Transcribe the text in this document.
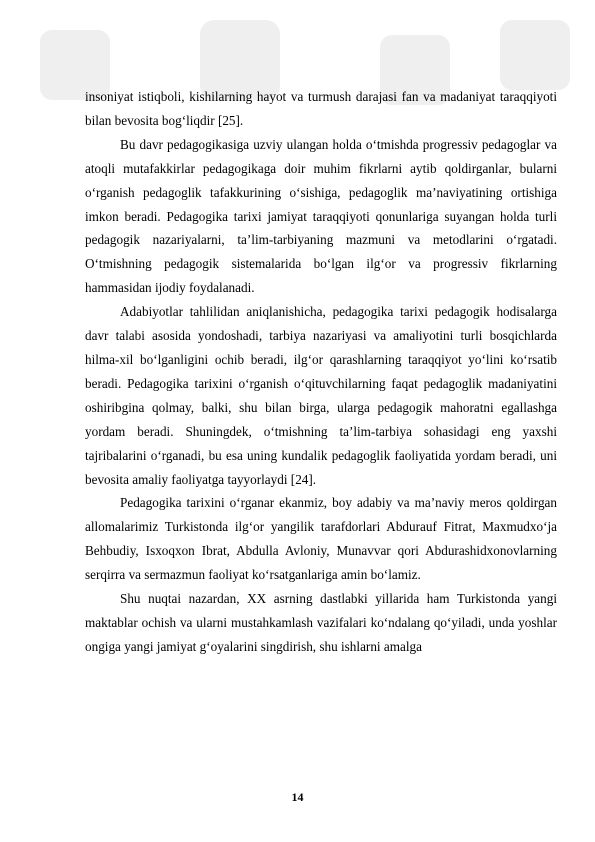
insoniyat istiqboli, kishilarning hayot va turmush darajasi fan va madaniyat taraqqiyoti bilan bevosita bog‘liqdir [25].

Bu davr pedagogikasiga uzviy ulangan holda o‘tmishda progressiv pedagoglar va atoqli mutafakkirlar pedagogikaga doir muhim fikrlarni aytib qoldirganlar, bularni o‘rganish pedagoglik tafakkurining o‘sishiga, pedagoglik ma’naviyatining ortishiga imkon beradi. Pedagogika tarixi jamiyat taraqqiyoti qonunlariga suyangan holda turli pedagogik nazariyalarni, ta’lim-tarbiyaning mazmuni va metodlarini o‘rgatadi. O‘tmishning pedagogik sistemalarida bo‘lgan ilg‘or va progressiv fikrlarning hammasidan ijodiy foydalanadi.

Adabiyotlar tahlilidan aniqlanishicha, pedagogika tarixi pedagogik hodisalarga davr talabi asosida yondoshadi, tarbiya nazariyasi va amaliyotini turli bosqichlarda hilma-xil bo‘lganligini ochib beradi, ilg‘or qarashlarning taraqqiyot yo‘lini ko‘rsatib beradi. Pedagogika tarixini o‘rganish o‘qituvchilarning faqat pedagoglik madaniyatini oshiribgina qolmay, balki, shu bilan birga, ularga pedagogik mahoratni egallashga yordam beradi. Shuningdek, o‘tmishning ta’lim-tarbiya sohasidagi eng yaxshi tajribalarini o‘rganadi, bu esa uning kundalik pedagoglik faoliyatida yordam beradi, uni bevosita amaliy faoliyatga tayyorlaydi [24].

Pedagogika tarixini o‘rganar ekanmiz, boy adabiy va ma’naviy meros qoldirgan allomalarimiz Turkistonda ilg‘or yangilik tarafdorlari Abdurauf Fitrat, Maxmudxo‘ja Behbudiy, Isxoqxon Ibrat, Abdulla Avloniy, Munavvar qori Abdurashidxonovlarning serqirra va sermazmun faoliyat ko‘rsatganlariga amin bo‘lamiz.

Shu nuqtai nazardan, XX asrning dastlabki yillarida ham Turkistonda yangi maktablar ochish va ularni mustahkamlash vazifalari ko‘ndalang qo‘yiladi, unda yoshlar ongiga yangi jamiyat g‘oyalarini singdirish, shu ishlarni amalga

14
